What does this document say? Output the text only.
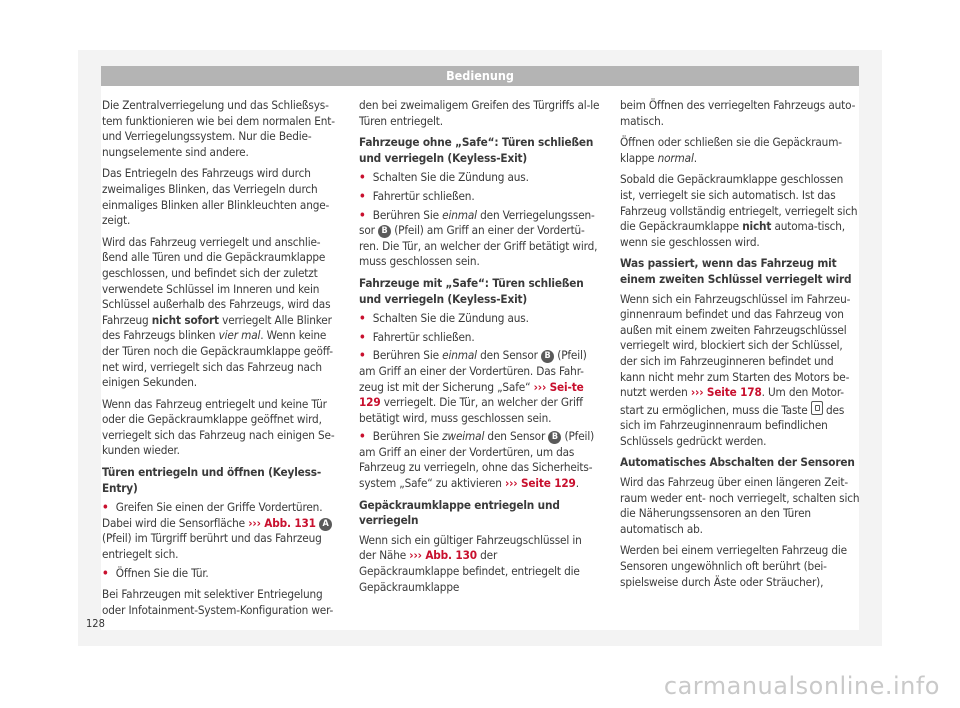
Bedienung

Die Zentralverriegelung und das Schließsys-tem funktionieren wie bei dem normalen Ent- und Verriegelungssystem. Nur die Bedie-nungselemente sind andere.

Das Entriegeln des Fahrzeugs wird durch zweimaliges Blinken, das Verriegeln durch einmaliges Blinken aller Blinkleuchten ange-zeigt.

Wird das Fahrzeug verriegelt und anschlie-ßend alle Türen und die Gepäckraumklappe geschlossen, und befindet sich der zuletzt verwendete Schlüssel im Inneren und kein Schlüssel außerhalb des Fahrzeugs, wird das Fahrzeug nicht sofort verriegelt Alle Blinker des Fahrzeugs blinken vier mal. Wenn keine der Türen noch die Gepäckraumklappe geöff-net wird, verriegelt sich das Fahrzeug nach einigen Sekunden.

Wenn das Fahrzeug entriegelt und keine Tür oder die Gepäckraumklappe geöffnet wird, verriegelt sich das Fahrzeug nach einigen Se-kunden wieder.

Türen entriegeln und öffnen (Keyless-Entry)
• Greifen Sie einen der Griffe Vordertüren. Dabei wird die Sensorfläche ››› Abb. 131 A (Pfeil) im Türgriff berührt und das Fahrzeug entriegelt sich.
• Öffnen Sie die Tür.

Bei Fahrzeugen mit selektiver Entriegelung oder Infotainment-System-Konfiguration wer-

den bei zweimaligem Greifen des Türgriffs al-le Türen entriegelt.

Fahrzeuge ohne „Safe“: Türen schließen und verriegeln (Keyless-Exit)
• Schalten Sie die Zündung aus.
• Fahrertür schließen.
• Berühren Sie einmal den Verriegelungssen-sor B (Pfeil) am Griff an einer der Vordertü-ren. Die Tür, an welcher der Griff betätigt wird, muss geschlossen sein.
Fahrzeuge mit „Safe“: Türen schließen und verriegeln (Keyless-Exit)
• Schalten Sie die Zündung aus.
• Fahrertür schließen.
• Berühren Sie einmal den Sensor B (Pfeil) am Griff an einer der Vordertüren. Das Fahr-zeug ist mit der Sicherung „Safe“ ››› Sei-te 129 verriegelt. Die Tür, an welcher der Griff betätigt wird, muss geschlossen sein.
• Berühren Sie zweimal den Sensor B (Pfeil) am Griff an einer der Vordertüren, um das Fahrzeug zu verriegeln, ohne das Sicherheits-system „Safe“ zu aktivieren ››› Seite 129.
Gepäckraumklappe entriegeln und verriegeln

Wenn sich ein gültiger Fahrzeugschlüssel in der Nähe ››› Abb. 130 der Gepäckraumklappe befindet, entriegelt die Gepäckraumklappe

beim Öffnen des verriegelten Fahrzeugs auto-matisch.

Öffnen oder schließen sie die Gepäckraum-klappe normal.

Sobald die Gepäckraumklappe geschlossen ist, verriegelt sie sich automatisch. Ist das Fahrzeug vollständig entriegelt, verriegelt sich die Gepäckraumklappe nicht automa-tisch, wenn sie geschlossen wird.

Was passiert, wenn das Fahrzeug mit einem zweiten Schlüssel verriegelt wird

Wenn sich ein Fahrzeugschlüssel im Fahrzeu-ginnenraum befindet und das Fahrzeug von außen mit einem zweiten Fahrzeugschlüssel verriegelt wird, blockiert sich der Schlüssel, der sich im Fahrzeuginneren befindet und kann nicht mehr zum Starten des Motors be-nutzt werden ››› Seite 178. Um den Motor-start zu ermöglichen, muss die Taste des sich im Fahrzeuginnenraum befindlichen Schlüssels gedrückt werden.

Automatisches Abschalten der Sensoren

Wird das Fahrzeug über einen längeren Zeit-raum weder ent- noch verriegelt, schalten sich die Näherungssensoren an den Türen automatisch ab.

Werden bei einem verriegelten Fahrzeug die Sensoren ungewöhnlich oft berührt (bei-spielsweise durch Äste oder Sträucher),

128
carmanualsonline.info
